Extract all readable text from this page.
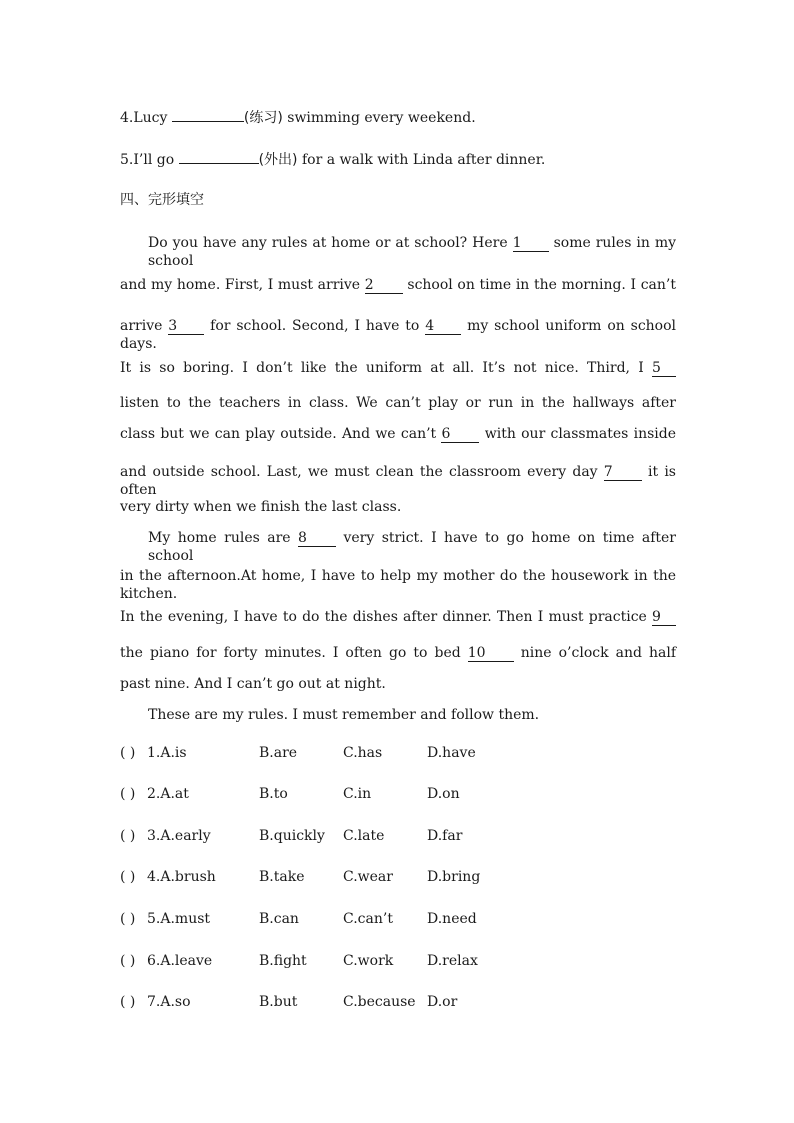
4.Lucy	(练习) swimming every weekend.
5.I’ll go	(外出) for a walk with Linda after dinner.
四、完形填空
Do you have any rules at home or at school? Here 1 some rules in my school
and my home. First, I must arrive 2 school on time in the morning. I can’t
arrive 3 for school. Second, I have to 4 my school uniform on school days.
It is so boring. I don’t like the uniform at all. It’s not nice. Third, I 5
listen to the teachers in class. We can’t play or run in the hallways after
class but we can play outside. And we can’t 6 with our classmates inside
and outside school. Last, we must clean the classroom every day 7 it is often
very dirty when we finish the last class.
My home rules are 8 very strict. I have to go home on time after school
in the afternoon.At home, I have to help my mother do the housework in the kitchen.
In the evening, I have to do the dishes after dinner. Then I must practice 9
the piano for forty minutes. I often go to bed 10 nine o’clock and half
past nine. And I can’t go out at night.
These are my rules. I must remember and follow them.
( ) 1.A.is	B.are	C.has	D.have
( ) 2.A.at	B.to	C.in	D.on
( ) 3.A.early	B.quickly C.late	D.far
( ) 4.A.brush	B.take	C.wear D.bring
( ) 5.A.must	B.can	C.can’t D.need
( ) 6.A.leave	B.fight	C.work D.relax
( ) 7.A.so	B.but	C.because D.or
